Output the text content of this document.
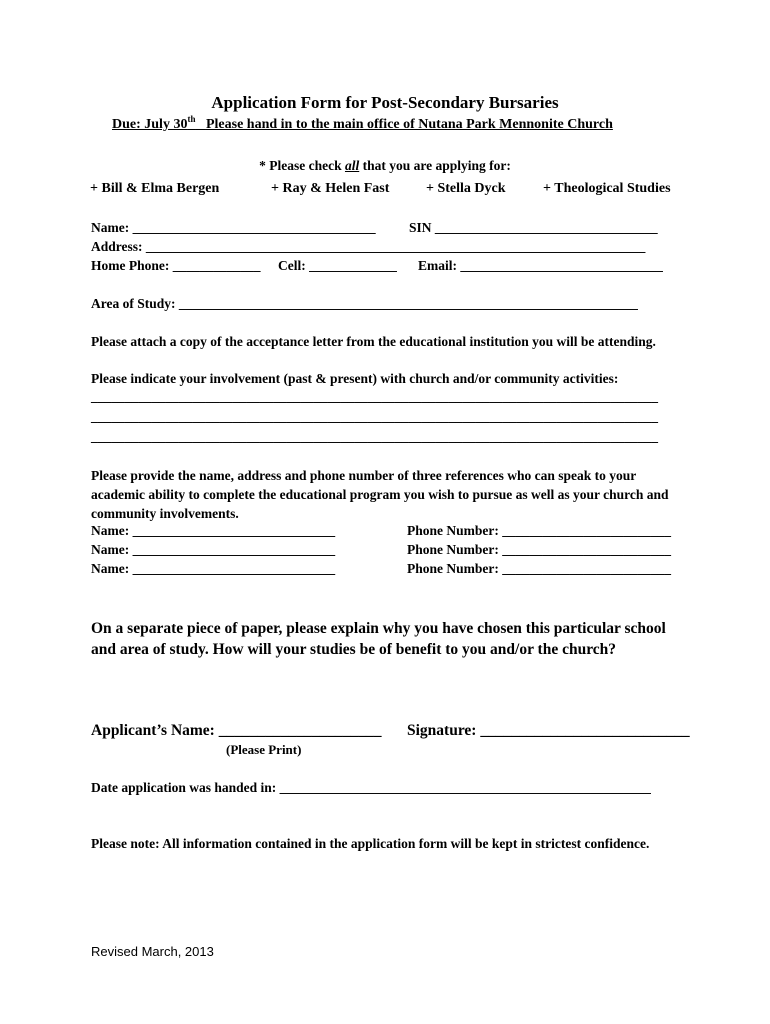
Application Form for Post-Secondary Bursaries
Due: July 30th Please hand in to the main office of Nutana Park Mennonite Church
* Please check all that you are applying for:
+ Bill & Elma Bergen	+ Ray & Helen Fast	+ Stella Dyck	+ Theological Studies
Name: ____________________________________ SIN _________________________________
Address: __________________________________________________________________________
Home Phone: _____________ Cell: _____________ Email: ______________________________
Area of Study: ____________________________________________________________________
Please attach a copy of the acceptance letter from the educational institution you will be attending.
Please indicate your involvement (past & present) with church and/or community activities:
____________________________________________________________________________________
____________________________________________________________________________________
____________________________________________________________________________________
Please provide the name, address and phone number of three references who can speak to your academic ability to complete the educational program you wish to pursue as well as your church and community involvements.
Name: ______________________________	Phone Number: _________________________
Name: ______________________________	Phone Number: _________________________
Name: ______________________________	Phone Number: _________________________
On a separate piece of paper, please explain why you have chosen this particular school and area of study. How will your studies be of benefit to you and/or the church?
Applicant’s Name: _____________________
(Please Print)
Signature: ___________________________
Date application was handed in: _______________________________________________________
Please note: All information contained in the application form will be kept in strictest confidence.
Revised March, 2013
